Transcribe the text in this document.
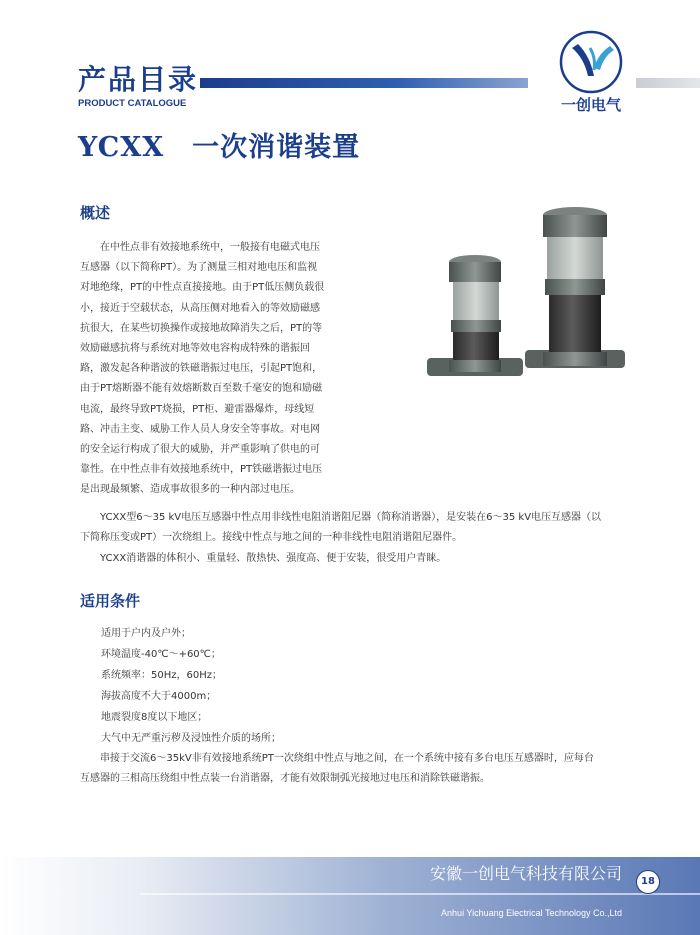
产品目录
PRODUCT CATALOGUE	一创电气
YCXX　一次消谐装置
概述
在中性点非有效接地系统中，一般接有电磁式电压
互感器（以下简称PT）。为了测量三相对地电压和监视
对地绝缘，PT的中性点直接接地。由于PT低压侧负载很
小，接近于空载状态，从高压侧对地看入的等效励磁感
抗很大，在某些切换操作或接地故障消失之后，PT的等
效励磁感抗将与系统对地等效电容构成特殊的谐振回
路，激发起各种谐波的铁磁谐振过电压，引起PT饱和，
由于PT熔断器不能有效熔断数百至数千毫安的饱和励磁
电流，最终导致PT烧损，PT柜、避雷器爆炸，母线短
路、冲击主变、威胁工作人员人身安全等事故。对电网
的安全运行构成了很大的威胁，并严重影响了供电的可
靠性。在中性点非有效接地系统中，PT铁磁谐振过电压
是出现最频繁、造成事故很多的一种内部过电压。
YCXX型6～35 kV电压互感器中性点用非线性电阻消谐阻尼器（简称消谐器），是安装在6～35 kV电压互感器（以
下简称压变或PT）一次绕组上。接线中性点与地之间的一种非线性电阻消谐阻尼器件。
YCXX消谐器的体积小、重量轻、散热快、强度高、便于安装，很受用户青睐。
适用条件
适用于户内及户外；
环境温度-40℃～+60℃；
系统频率：50Hz，60Hz；
海拔高度不大于4000m；
地震裂度8度以下地区；
大气中无严重污秽及浸蚀性介质的场所；
串接于交流6～35kV非有效接地系统PT一次绕组中性点与地之间，在一个系统中接有多台电压互感器时，应每台
互感器的三相高压绕组中性点装一台消谐器，才能有效限制弧光接地过电压和消除铁磁谐振。
安徽一创电气科技有限公司
Anhui Yichuang Electrical Technology Co.,Ltd
18
